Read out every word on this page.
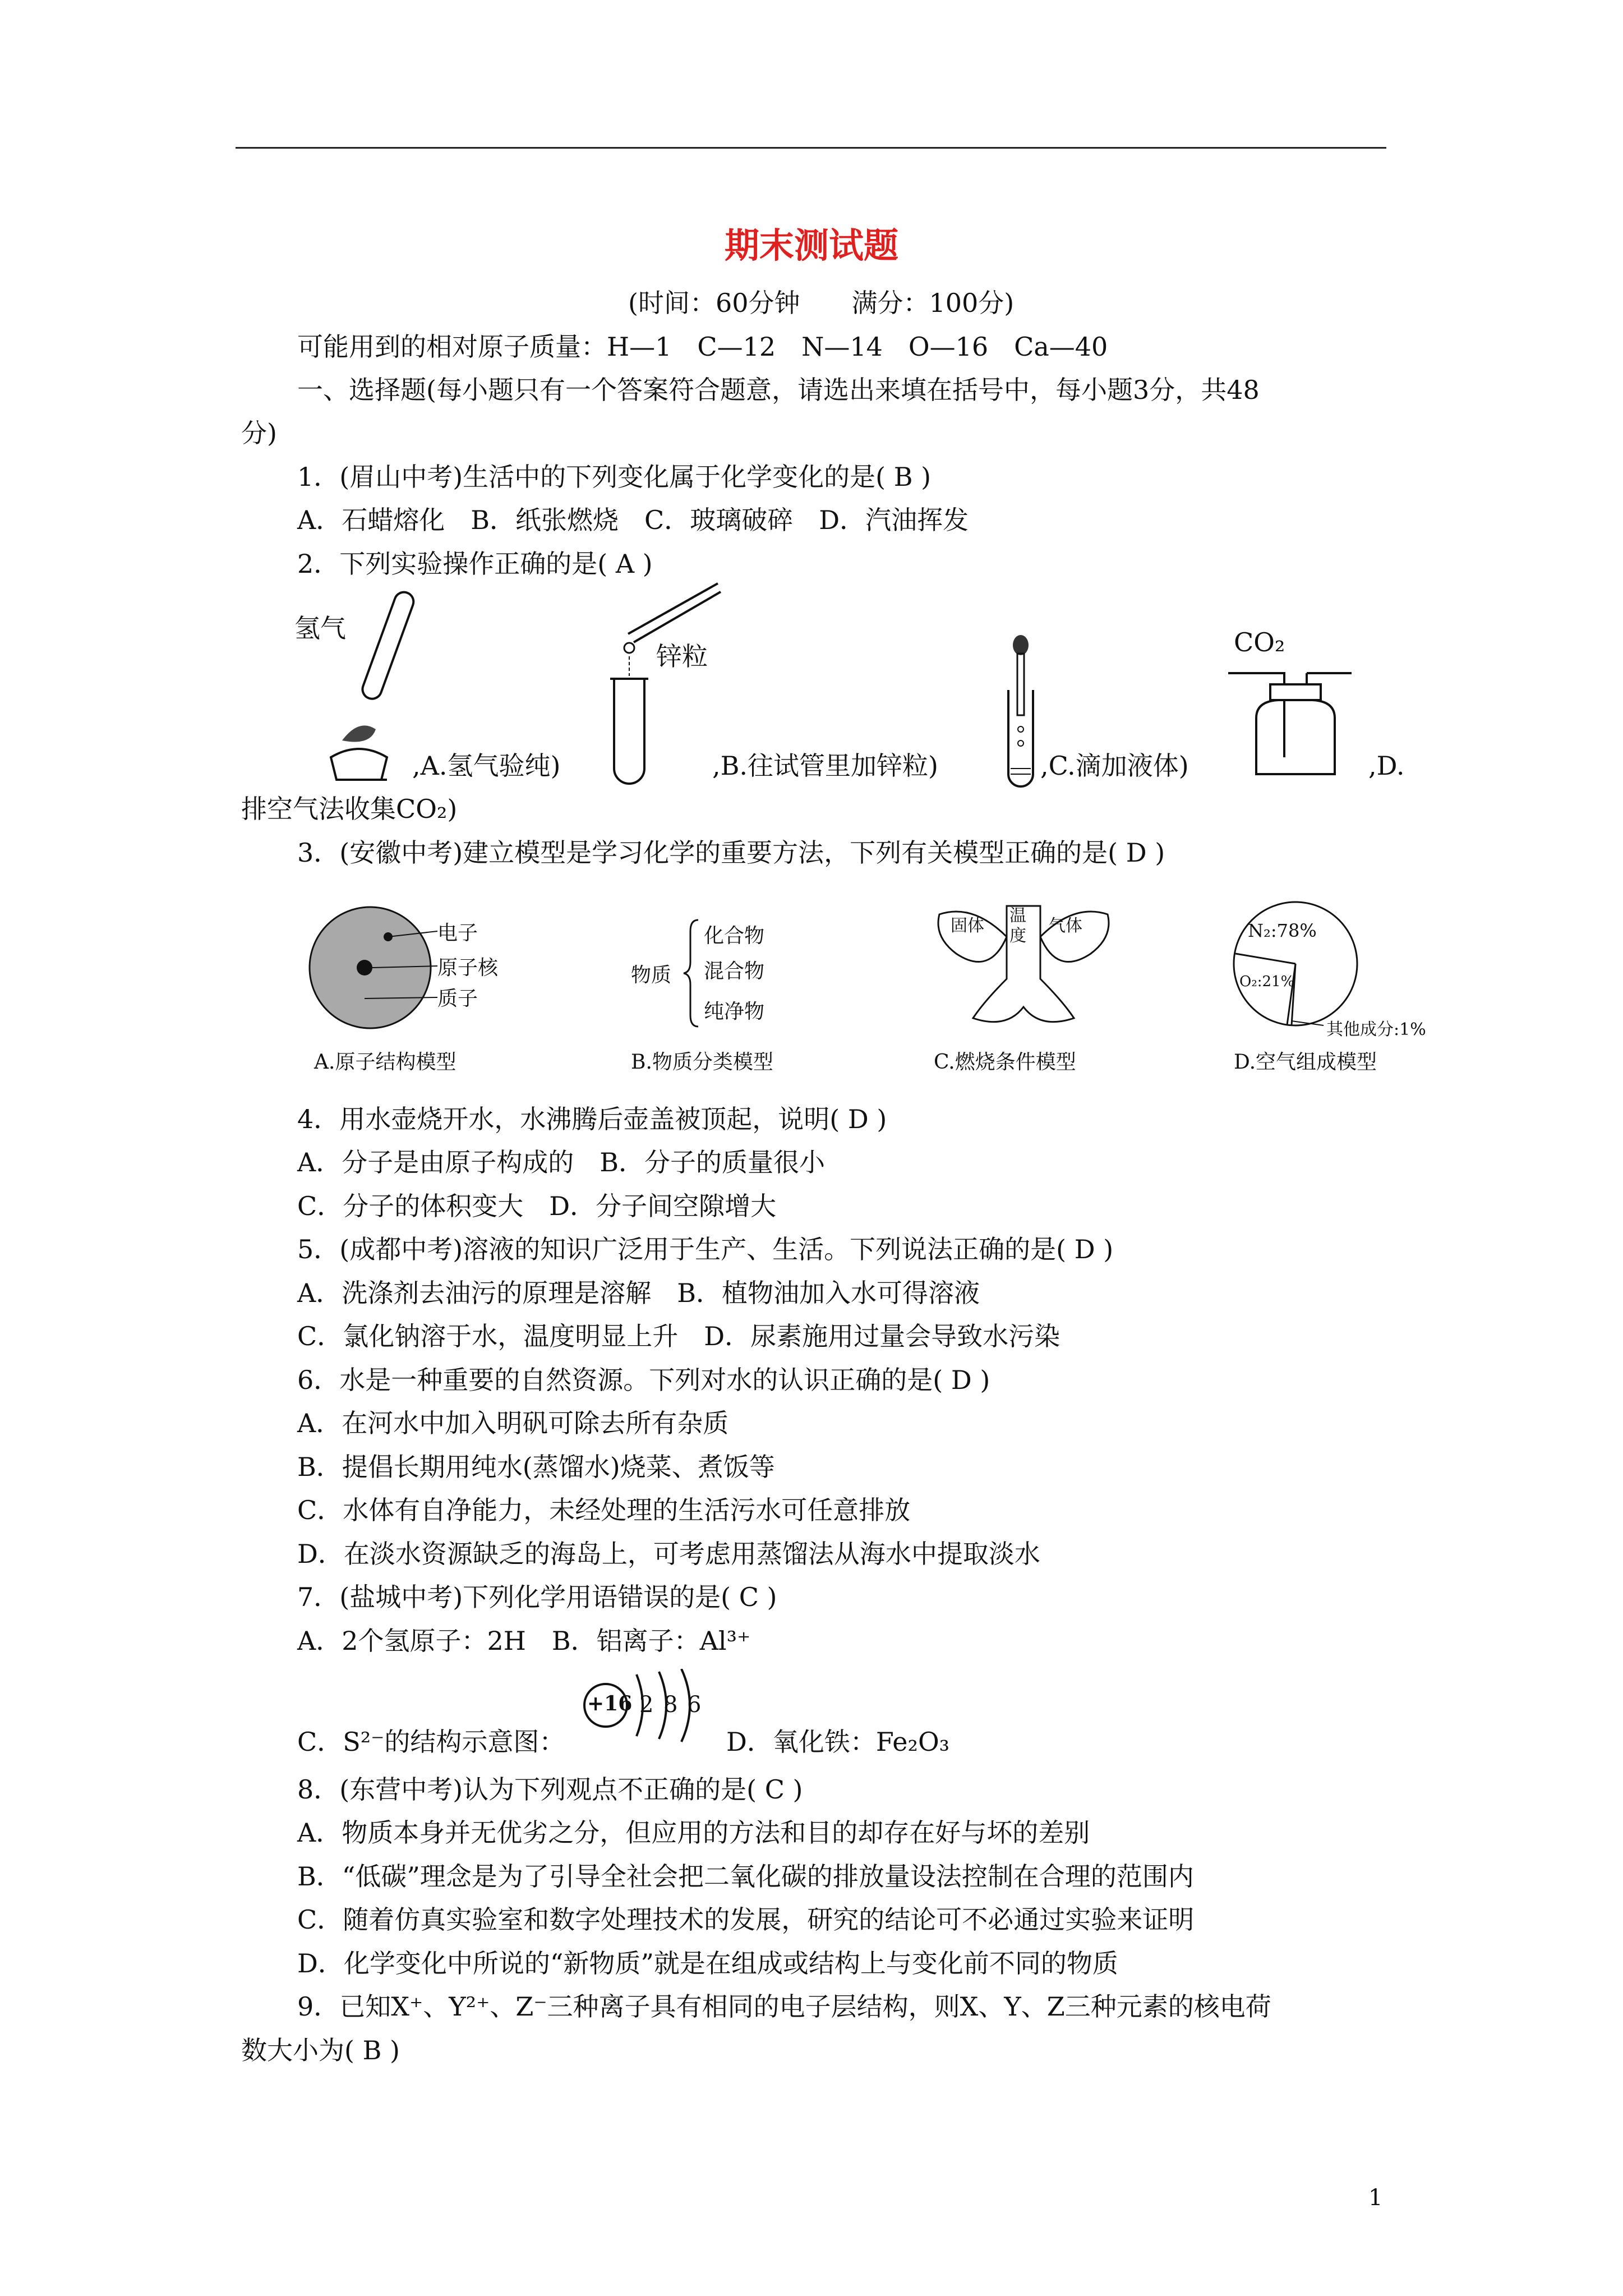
期末测试题
(时间：60分钟　　满分：100分)
可能用到的相对原子质量：H—1　C—12　N—14　O—16　Ca—40
一、选择题(每小题只有一个答案符合题意，请选出来填在括号中，每小题3分，共48
分)
1．(眉山中考)生活中的下列变化属于化学变化的是( B )
A．石蜡熔化　B．纸张燃烧　C．玻璃破碎　D．汽油挥发
2．下列实验操作正确的是( A )
氢气
,A.氢气验纯)
锌粒
,B.往试管里加锌粒)	,C.滴加液体)
CO₂
,D.
排空气法收集CO₂)
3．(安徽中考)建立模型是学习化学的重要方法，下列有关模型正确的是( D )
电子
原子核
质子
A.原子结构模型
物质
化合物
混合物
纯净物
B.物质分类模型
固体
温度
气体
C.燃烧条件模型
N₂:78%
O₂:21%
其他成分:1%
D.空气组成模型
4．用水壶烧开水，水沸腾后壶盖被顶起，说明( D )
A．分子是由原子构成的　B．分子的质量很小
C．分子的体积变大　D．分子间空隙增大
5．(成都中考)溶液的知识广泛用于生产、生活。下列说法正确的是( D )
A．洗涤剂去油污的原理是溶解　B．植物油加入水可得溶液
C．氯化钠溶于水，温度明显上升　D．尿素施用过量会导致水污染
6．水是一种重要的自然资源。下列对水的认识正确的是( D )
A．在河水中加入明矾可除去所有杂质
B．提倡长期用纯水(蒸馏水)烧菜、煮饭等
C．水体有自净能力，未经处理的生活污水可任意排放
D．在淡水资源缺乏的海岛上，可考虑用蒸馏法从海水中提取淡水
7．(盐城中考)下列化学用语错误的是( C )
A．2个氢原子：2H　B．铝离子：Al³⁺
C．S²⁻的结构示意图：
+16 2 8 6
D．氧化铁：Fe₂O₃
8．(东营中考)认为下列观点不正确的是( C )
A．物质本身并无优劣之分，但应用的方法和目的却存在好与坏的差别
B．“低碳”理念是为了引导全社会把二氧化碳的排放量设法控制在合理的范围内
C．随着仿真实验室和数字处理技术的发展，研究的结论可不必通过实验来证明
D．化学变化中所说的“新物质”就是在组成或结构上与变化前不同的物质
9．已知X⁺、Y²⁺、Z⁻三种离子具有相同的电子层结构，则X、Y、Z三种元素的核电荷
数大小为( B )
1
